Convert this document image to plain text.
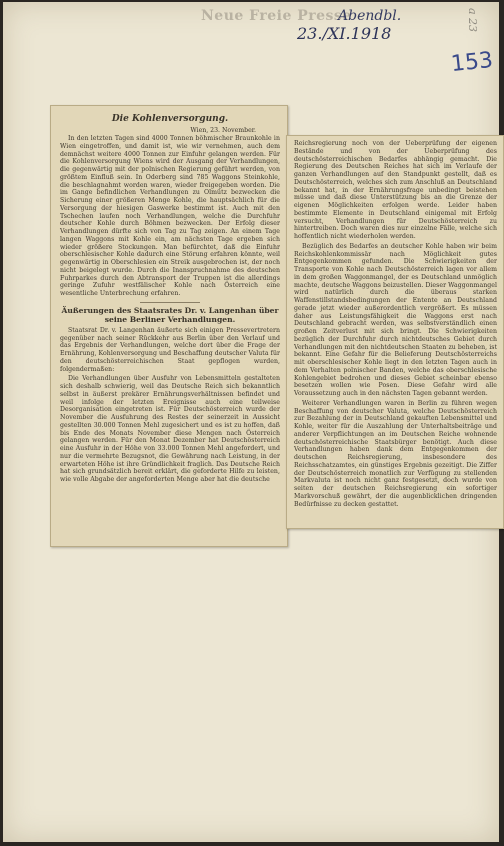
Neue Freie Presse
Abendbl.
23./XI.1918
153
a 23
Die Kohlenversorgung.
Wien, 23. November.

In den letzten Tagen sind 4000 Tonnen böhmischer Braunkohle in Wien eingetroffen, und damit ist, wie wir vernehmen, auch dem demnächst weitere 4000 Tonnen zur Einfuhr gelangen werden. Für die Kohlenversorgung Wiens wird der Ausgang der Verhandlungen, die gegenwärtig mit der polnischen Regierung geführt werden, von größtem Einfluß sein. In Oderberg sind 785 Waggons Steinkohle, die beschlagnahmt worden waren, wieder freigegeben worden. Die im Gange befindlichen Verhandlungen zu Olmütz bezwecken die Sicherung einer größeren Menge Kohle, die hauptsächlich für die Versorgung der hiesigen Gaswerke bestimmt ist. Auch mit den Tschechen laufen noch Verhandlungen, welche die Durchfuhr deutscher Kohle durch Böhmen bezwecken. Der Erfolg dieser Verhandlungen dürfte sich von Tag zu Tag zeigen. An einem Tage langen Waggons mit Kohle ein, am nächsten Tage ergeben sich wieder größere Stockungen. Man befürchtet, daß die Einfuhr oberschlesischer Kohle dadurch eine Störung erfahren könnte, weil gegenwärtig in Oberschlesien ein Streik ausgebrochen ist, der noch nicht beigelegt wurde. Durch die Inanspruchnahme des deutschen Fuhrparkes durch den Abtransport der Truppen ist die allerdings geringe Zufuhr westfälischer Kohle nach Österreich eine wesentliche Unterbrechung erfahren.

Äußerungen des Staatsrates Dr. v. Langenhan über seine Berliner Verhandlungen.

Staatsrat Dr. v. Langenhan äußerte sich einigen Pressevertretern gegenüber nach seiner Rückkehr aus Berlin über den Verlauf und das Ergebnis der Verhandlungen, welche dort über die Frage der Ernährung, Kohlenversorgung und Beschaffung deutscher Valuta für den deutschösterreichischen Staat gepflogen wurden, folgendermaßen:

Die Verhandlungen über Ausfuhr von Lebensmitteln gestalteten sich deshalb schwierig, weil das Deutsche Reich sich bekanntlich selbst in äußerst prekärer Ernährungsverhältnissen befindet und weil infolge der letzten Ereignisse auch eine teilweise Desorganisation eingetreten ist. Für Deutschösterreich wurde der November die Ausfuhrung des Restes der seinerzeit in Aussicht gestellten 30.000 Tonnen Mehl zugesichert und es ist zu hoffen, daß bis Ende des Monats November diese Mengen nach Österreich gelangen werden. Für den Monat Dezember hat Deutschösterreich eine Ausfuhr in der Höhe von 33.000 Tonnen Mehl angefordert, und nur die vermehrte Bezugsnot, die Gewährung nach Leistung, in der erwarteten Höhe ist ihre Gründlichkeit fraglich. Das Deutsche Reich hat sich grundsätzlich bereit erklärt, die geforderte Hilfe zu leisten, wie volle Abgabe der angeforderten Menge aber hat die deutsche

Reichsregierung noch von der Ueberprüfung der eigenen Bestände und von der Ueberprüfung des deutschösterreichischen Bedarfes abhängig gemacht. Die Regierung des Deutschen Reiches hat sich im Verlaufe der ganzen Verhandlungen auf den Standpunkt gestellt, daß es Deutschösterreich, welches sich zum Anschluß an Deutschland bekannt hat, in der Ernährungsfrage unbedingt beistehen müsse und daß diese Unterstützung bis an die Grenze der eigenen Möglichkeiten erfolgen werde. Leider haben bestimmte Elemente in Deutschland einigemal mit Erfolg versucht, Verhandlungen für Deutschösterreich zu hintertreiben. Doch waren dies nur einzelne Fälle, welche sich hoffentlich nicht wiederholen werden.

Bezüglich des Bedarfes an deutscher Kohle haben wir beim Reichskohlenkommissär nach Möglichkeit gutes Entgegenkommen gefunden. Die Schwierigkeiten der Transporte von Kohle nach Deutschösterreich lagen vor allem in dem großen Waggonmangel, der es Deutschland unmöglich machte, deutsche Waggons beizustellen. Dieser Waggonmangel wird natürlich durch die überaus starken Waffenstillstandsbedingungen der Entente an Deutschland gerade jetzt wieder außerordentlich vergrößert. Es müssen daher aus Leistungsfähigkeit die Waggons erst nach Deutschland gebracht werden, was selbstverständlich einen großen Zeitverlust mit sich bringt. Die Schwierigkeiten bezüglich der Durchfuhr durch nichtdeutsches Gebiet durch Verhandlungen mit den nichtdeutschen Staaten zu beheben, ist bekannt. Eine Gefahr für die Belieferung Deutschösterreichs mit oberschlesischer Kohle liegt in den letzten Tagen auch in dem Verhalten polnischer Banden, welche das oberschlesische Kohlengebiet bedrohen und dieses Gebiet scheinbar ebenso besetzen wollen wie Posen. Diese Gefahr wird alle Voraussetzung auch in den nächsten Tagen gebannt werden.

Weiterer Verhandlungen waren in Berlin zu führen wegen Beschaffung von deutscher Valuta, welche Deutschösterreich zur Bezahlung der in Deutschland gekauften Lebensmittel und Kohle, weiter für die Auszahlung der Unterhaltsbeiträge und anderer Verpflichtungen an im Deutschen Reiche wohnende deutschösterreichische Staatsbürger benötigt. Auch diese Verhandlungen haben dank dem Entgegenkommen der deutschen Reichsregierung, insbesondere des Reichsschatzamtes, ein günstiges Ergebnis gezeitigt. Die Ziffer der Deutschösterreich monatlich zur Verfügung zu stellenden Markvaluta ist noch nicht ganz festgesetzt, doch wurde von seiten der deutschen Reichsregierung ein sofortiger Markvorschuß gewährt, der die augenblicklichen dringenden Bedürfnisse zu decken gestattet.
